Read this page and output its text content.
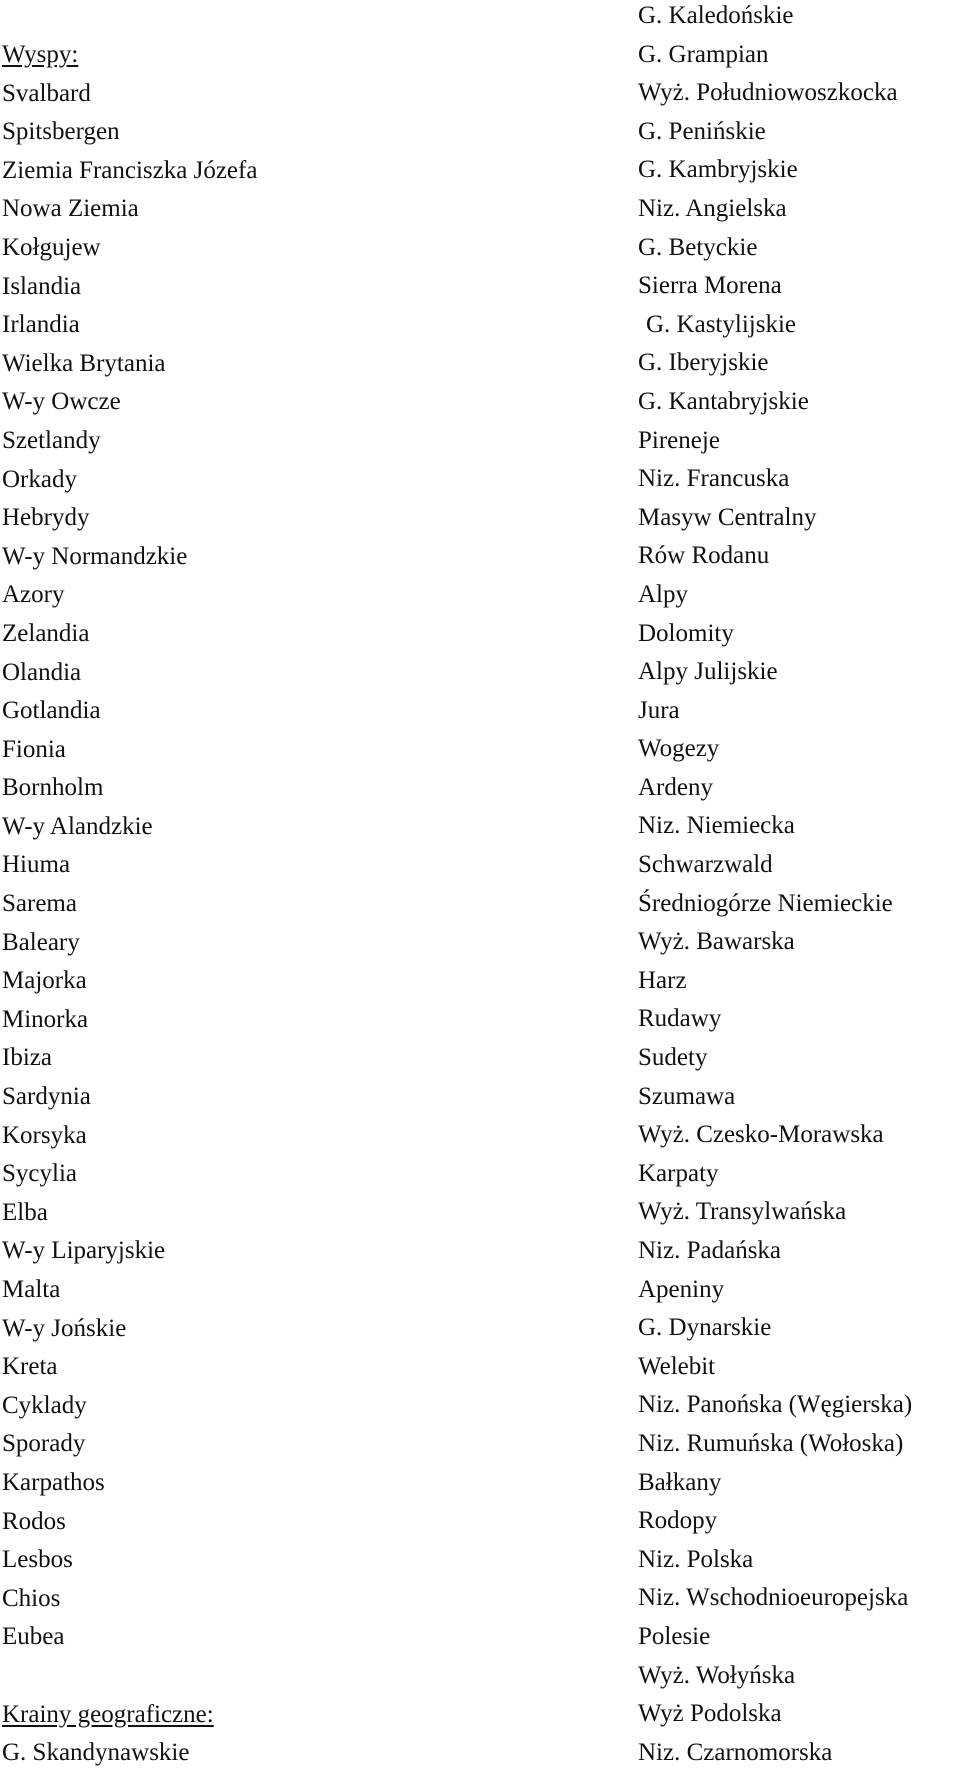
Wyspy:
Svalbard
Spitsbergen
Ziemia Franciszka Józefa
Nowa Ziemia
Kołgujew
Islandia
Irlandia
Wielka Brytania
W-y Owcze
Szetlandy
Orkady
Hebrydy
W-y Normandzkie
Azory
Zelandia
Olandia
Gotlandia
Fionia
Bornholm
W-y Alandzkie
Hiuma
Sarema
Baleary
Majorka
Minorka
Ibiza
Sardynia
Korsyka
Sycylia
Elba
W-y Liparyjskie
Malta
W-y Jońskie
Kreta
Cyklady
Sporady
Karpathos
Rodos
Lesbos
Chios
Eubea
Krainy geograficzne:
G. Skandynawskie
G. Kaledońskie
G. Grampian
Wyż. Południowoszkocka
G. Penińskie
G. Kambryjskie
Niz. Angielska
G. Betyckie
Sierra Morena
G. Kastylijskie
G. Iberyjskie
G. Kantabryjskie
Pireneje
Niz. Francuska
Masyw Centralny
Rów Rodanu
Alpy
Dolomity
Alpy Julijskie
Jura
Wogezy
Ardeny
Niz. Niemiecka
Schwarzwald
Średniogórze Niemieckie
Wyż. Bawarska
Harz
Rudawy
Sudety
Szumawa
Wyż. Czesko-Morawska
Karpaty
Wyż. Transylwańska
Niz. Padańska
Apeniny
G. Dynarskie
Welebit
Niz. Panońska (Węgierska)
Niz. Rumuńska (Wołoska)
Bałkany
Rodopy
Niz. Polska
Niz. Wschodnioeuropejska
Polesie
Wyż. Wołyńska
Wyż Podolska
Niz. Czarnomorska
